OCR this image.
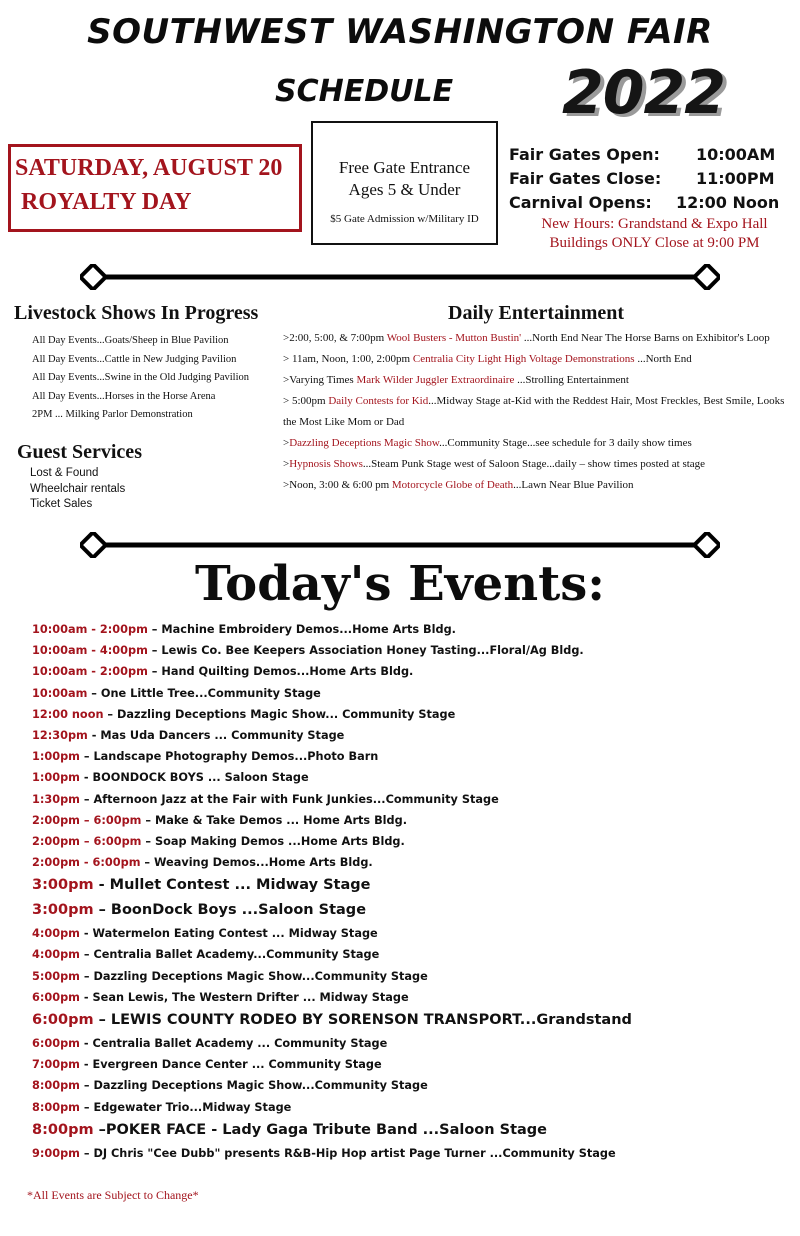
SOUTHWEST WASHINGTON FAIR
SCHEDULE 2022
SATURDAY, AUGUST 20
ROYALTY DAY
Free Gate Entrance
Ages 5 & Under
$5 Gate Admission w/Military ID
Fair Gates Open:	10:00AM
Fair Gates Close:	11:00PM
Carnival Opens:	12:00 Noon
New Hours: Grandstand & Expo Hall
Buildings ONLY Close at 9:00 PM
Livestock Shows In Progress
All Day Events...Goats/Sheep in Blue Pavilion
All Day Events...Cattle in New Judging Pavilion
All Day Events...Swine in the Old Judging Pavilion
All Day Events...Horses in the Horse Arena
2PM ... Milking Parlor Demonstration
Guest Services
Lost & Found
Wheelchair rentals
Ticket Sales
Daily Entertainment
>2:00, 5:00, & 7:00pm Wool Busters - Mutton Bustin' ...North End Near The Horse Barns on Exhibitor's Loop
> 11am, Noon, 1:00, 2:00pm Centralia City Light High Voltage Demonstrations ...North End
>Varying Times Mark Wilder Juggler Extraordinaire ...Strolling Entertainment
> 5:00pm Daily Contests for Kid...Midway Stage at-Kid with the Reddest Hair, Most Freckles, Best Smile, Looks the Most Like Mom or Dad
>Dazzling Deceptions Magic Show...Community Stage...see schedule for 3 daily show times
>Hypnosis Shows...Steam Punk Stage west of Saloon Stage...daily – show times posted at stage
>Noon, 3:00 & 6:00 pm Motorcycle Globe of Death...Lawn Near Blue Pavilion
Today's Events:
10:00am - 2:00pm – Machine Embroidery Demos...Home Arts Bldg.
10:00am - 4:00pm – Lewis Co. Bee Keepers Association Honey Tasting...Floral/Ag Bldg.
10:00am - 2:00pm – Hand Quilting Demos...Home Arts Bldg.
10:00am – One Little Tree...Community Stage
12:00 noon – Dazzling Deceptions Magic Show... Community Stage
12:30pm - Mas Uda Dancers ... Community Stage
1:00pm – Landscape Photography Demos...Photo Barn
1:00pm - BOONDOCK BOYS ... Saloon Stage
1:30pm – Afternoon Jazz at the Fair with Funk Junkies...Community Stage
2:00pm – 6:00pm – Make & Take Demos ... Home Arts Bldg.
2:00pm – 6:00pm – Soap Making Demos ...Home Arts Bldg.
2:00pm - 6:00pm – Weaving Demos...Home Arts Bldg.
3:00pm - Mullet Contest ... Midway Stage
3:00pm – BoonDock Boys ...Saloon Stage
4:00pm - Watermelon Eating Contest ... Midway Stage
4:00pm – Centralia Ballet Academy...Community Stage
5:00pm – Dazzling Deceptions Magic Show...Community Stage
6:00pm - Sean Lewis, The Western Drifter ... Midway Stage
6:00pm – LEWIS COUNTY RODEO BY SORENSON TRANSPORT...Grandstand
6:00pm - Centralia Ballet Academy ... Community Stage
7:00pm - Evergreen Dance Center ... Community Stage
8:00pm – Dazzling Deceptions Magic Show...Community Stage
8:00pm – Edgewater Trio...Midway Stage
8:00pm –POKER FACE - Lady Gaga Tribute Band ...Saloon Stage
9:00pm – DJ Chris "Cee Dubb" presents R&B-Hip Hop artist Page Turner ...Community Stage
*All Events are Subject to Change*
